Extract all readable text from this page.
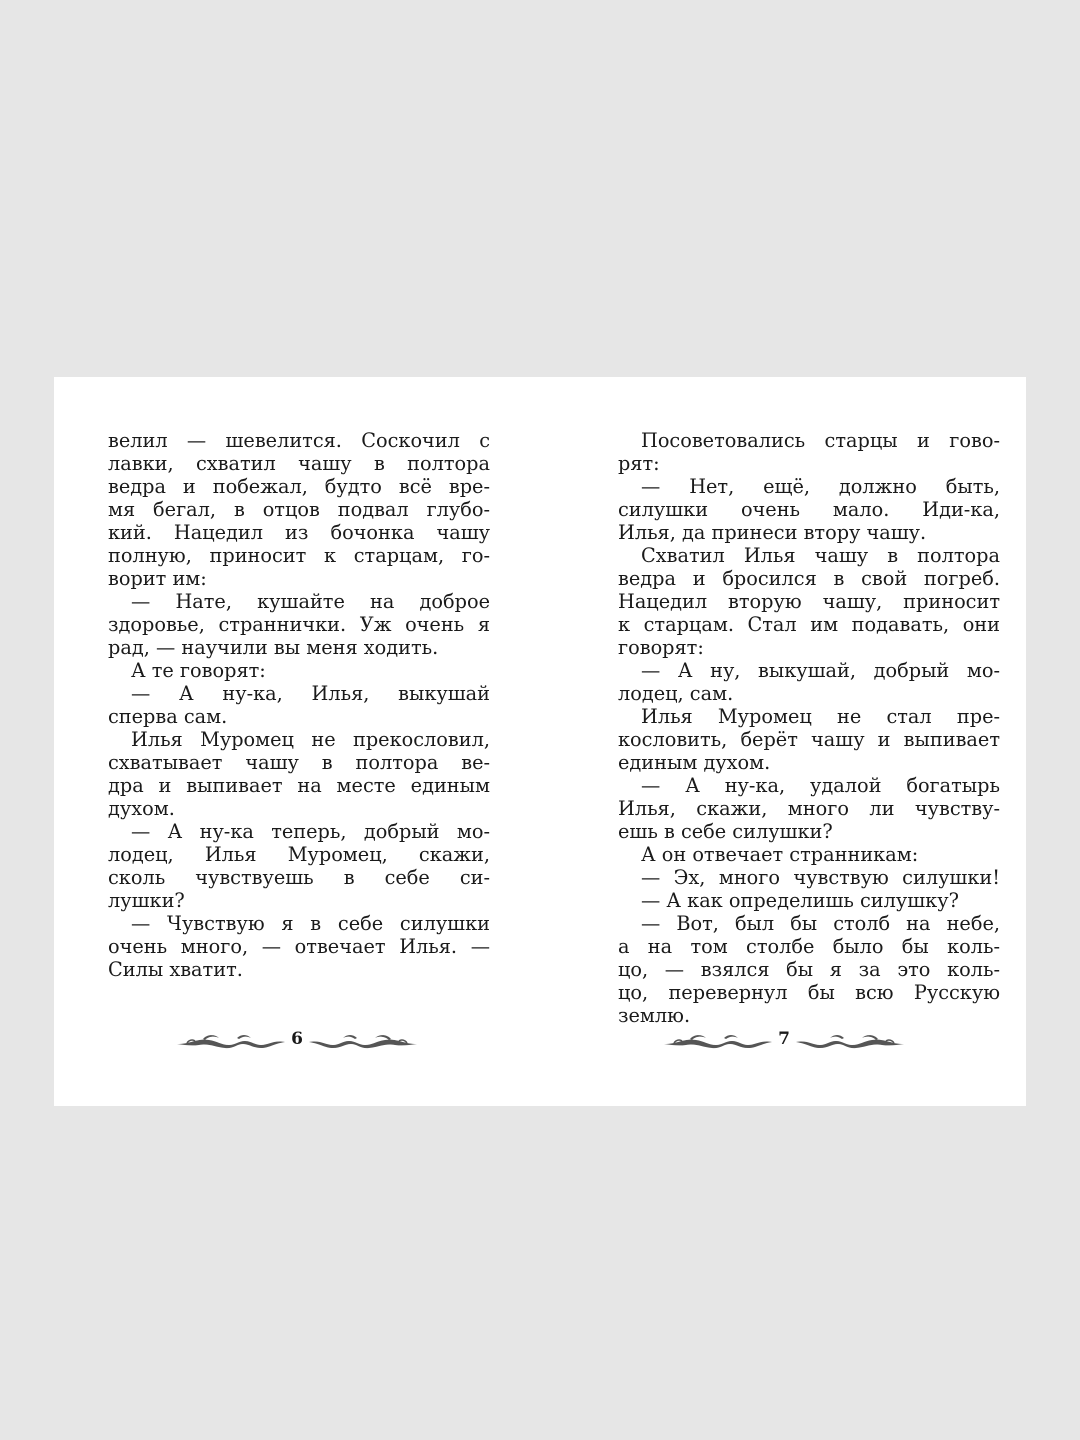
велил — шевелится. Соскочил с
лавки, схватил чашу в полтора
ведра и побежал, будто всё вре-
мя бегал, в отцов подвал глубо-
кий. Нацедил из бочонка чашу
полную, приносит к старцам, го-
ворит им:
— Нате, кушайте на доброе
здоровье, страннички. Уж очень я
рад, — научили вы меня ходить.
А те говорят:
— А ну-ка, Илья, выкушай
сперва сам.
Илья Муромец не прекословил,
схватывает чашу в полтора ве-
дра и выпивает на месте единым
духом.
— А ну-ка теперь, добрый мо-
лодец, Илья Муромец, скажи,
сколь чувствуешь в себе си-
лушки?
— Чувствую я в себе силушки
очень много, — отвечает Илья. —
Силы хватит.
Посоветовались старцы и гово-
рят:
— Нет, ещё, должно быть,
силушки очень мало. Иди-ка,
Илья, да принеси втору чашу.
Схватил Илья чашу в полтора
ведра и бросился в свой погреб.
Нацедил вторую чашу, приносит
к старцам. Стал им подавать, они
говорят:
— А ну, выкушай, добрый мо-
лодец, сам.
Илья Муромец не стал пре-
кословить, берёт чашу и выпивает
единым духом.
— А ну-ка, удалой богатырь
Илья, скажи, много ли чувству-
ешь в себе силушки?
А он отвечает странникам:
— Эх, много чувствую силушки!
— А как определишь силушку?
— Вот, был бы столб на небе,
а на том столбе было бы коль-
цо, — взялся бы я за это коль-
цо, перевернул бы всю Русскую
землю.
6	7
